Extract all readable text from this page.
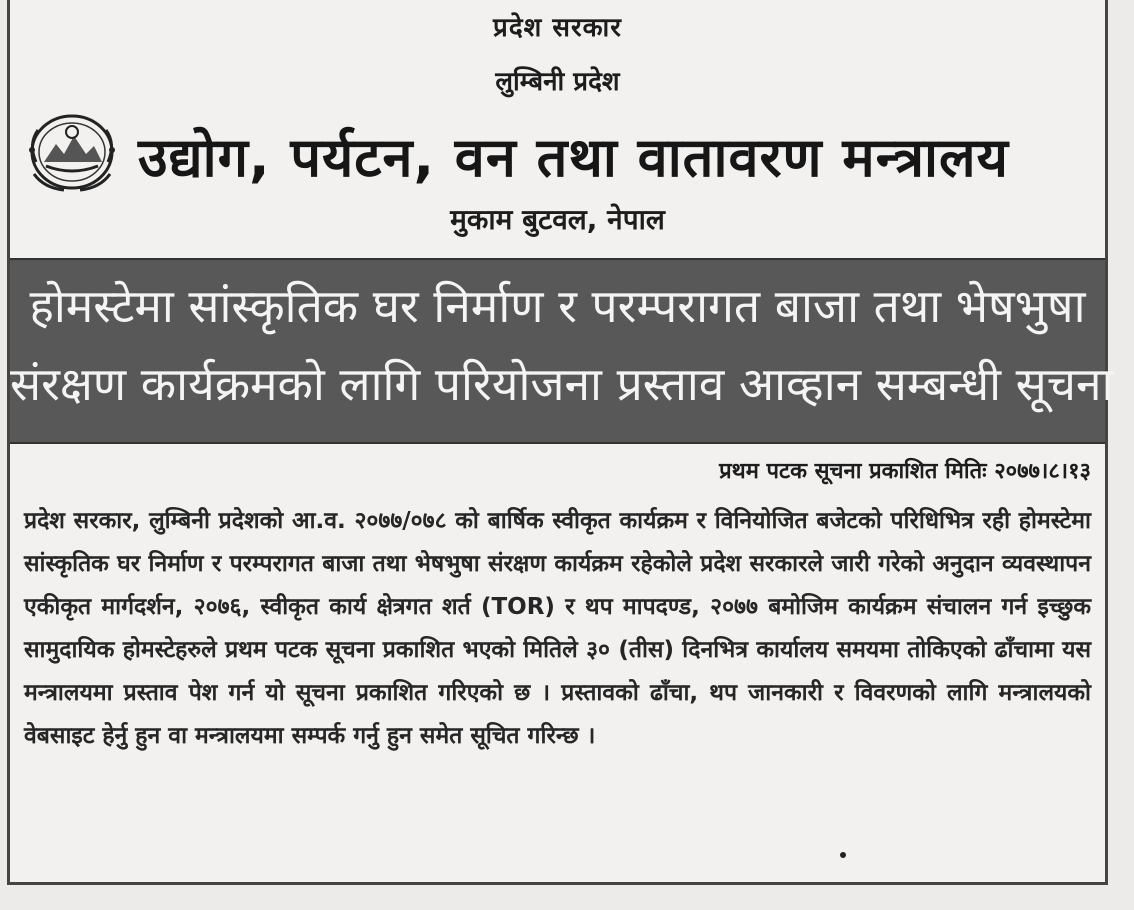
प्रदेश सरकार
लुम्बिनी प्रदेश
उद्योग, पर्यटन, वन तथा वातावरण मन्त्रालय
मुकाम बुटवल, नेपाल
होमस्टेमा सांस्कृतिक घर निर्माण र परम्परागत बाजा तथा भेषभुषा
संरक्षण कार्यक्रमको लागि परियोजना प्रस्ताव आव्हान सम्बन्धी सूचना
प्रथम पटक सूचना प्रकाशित मितिः २०७७।८।१३
प्रदेश सरकार, लुम्बिनी प्रदेशको आ.व. २०७७/०७८ को बार्षिक स्वीकृत कार्यक्रम र विनियोजित बजेटको परिधिभित्र रही होमस्टेमा सांस्कृतिक घर निर्माण र परम्परागत बाजा तथा भेषभुषा संरक्षण कार्यक्रम रहेकोले प्रदेश सरकारले जारी गरेको अनुदान व्यवस्थापन एकीकृत मार्गदर्शन, २०७६, स्वीकृत कार्य क्षेत्रगत शर्त (TOR) र थप मापदण्ड, २०७७ बमोजिम कार्यक्रम संचालन गर्न इच्छुक सामुदायिक होमस्टेहरुले प्रथम पटक सूचना प्रकाशित भएको मितिले ३० (तीस) दिनभित्र कार्यालय समयमा तोकिएको ढाँचामा यस मन्त्रालयमा प्रस्ताव पेश गर्न यो सूचना प्रकाशित गरिएको छ । प्रस्तावको ढाँचा, थप जानकारी र विवरणको लागि मन्त्रालयको वेबसाइट हेर्नु हुन वा मन्त्रालयमा सम्पर्क गर्नु हुन समेत सूचित गरिन्छ ।
